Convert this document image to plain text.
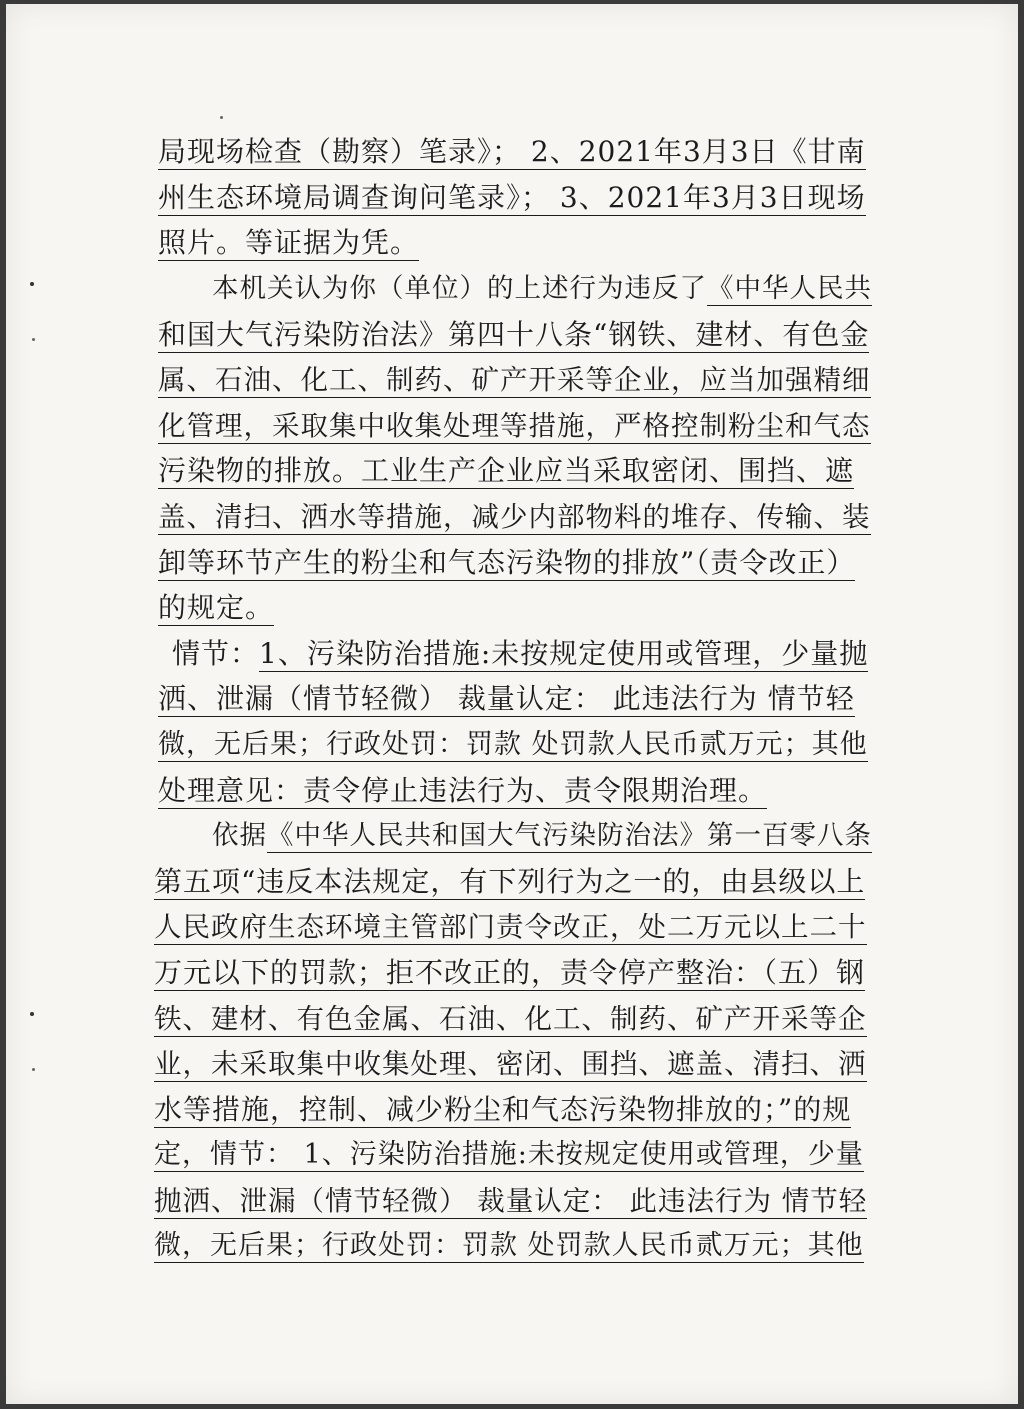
局现场检查（勘察）笔录》； 2、2021年3月3日《甘南
州生态环境局调查询问笔录》； 3、2021年3月3日现场
照片。等证据为凭。
本机关认为你（单位）的上述行为违反了《中华人民共
和国大气污染防治法》第四十八条“钢铁、建材、有色金
属、石油、化工、制药、矿产开采等企业，应当加强精细
化管理，采取集中收集处理等措施，严格控制粉尘和气态
污染物的排放。工业生产企业应当采取密闭、围挡、遮
盖、清扫、洒水等措施，减少内部物料的堆存、传输、装
卸等环节产生的粉尘和气态污染物的排放”（责令改正）
的规定。
情节：1、污染防治措施:未按规定使用或管理，少量抛
洒、泄漏（情节轻微） 裁量认定： 此违法行为 情节轻
微，无后果；行政处罚：罚款 处罚款人民币贰万元；其他
处理意见：责令停止违法行为、责令限期治理。
依据《中华人民共和国大气污染防治法》第一百零八条
第五项“违反本法规定，有下列行为之一的，由县级以上
人民政府生态环境主管部门责令改正，处二万元以上二十
万元以下的罚款；拒不改正的，责令停产整治：（五）钢
铁、建材、有色金属、石油、化工、制药、矿产开采等企
业，未采取集中收集处理、密闭、围挡、遮盖、清扫、洒
水等措施，控制、减少粉尘和气态污染物排放的；”的规
定，情节： 1、污染防治措施:未按规定使用或管理，少量
抛洒、泄漏（情节轻微） 裁量认定： 此违法行为 情节轻
微，无后果；行政处罚：罚款 处罚款人民币贰万元；其他
